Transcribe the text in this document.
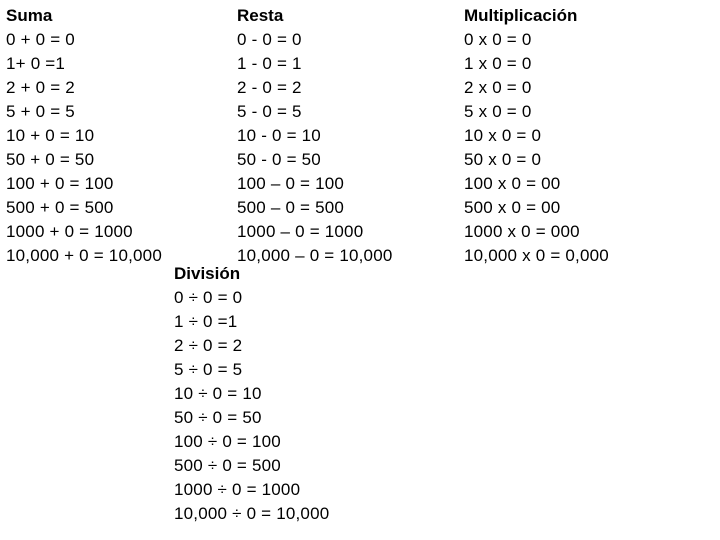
Suma
0 + 0 = 0
1+ 0 =1
2 + 0 = 2
5 + 0 = 5
10 + 0 = 10
50 + 0 = 50
100 + 0 = 100
500 + 0 = 500
1000 + 0 = 1000
10,000 + 0 = 10,000
Resta
0 - 0 = 0
1 - 0 = 1
2 - 0 = 2
5 - 0 = 5
10 - 0 = 10
50 - 0 = 50
100 – 0 = 100
500 – 0 = 500
1000 – 0 = 1000
10,000 – 0 = 10,000
Multiplicación
0 x 0 = 0
1 x 0 = 0
2 x 0 = 0
5 x 0 = 0
10 x 0 = 0
50 x 0 = 0
100 x 0 = 00
500 x 0 = 00
1000 x 0 = 000
10,000 x 0 = 0,000
División
0 ÷ 0 = 0
1 ÷ 0 =1
2 ÷ 0 = 2
5 ÷ 0 = 5
10 ÷ 0 = 10
50 ÷ 0 = 50
100 ÷ 0 = 100
500 ÷ 0 = 500
1000 ÷ 0 = 1000
10,000 ÷ 0 = 10,000
